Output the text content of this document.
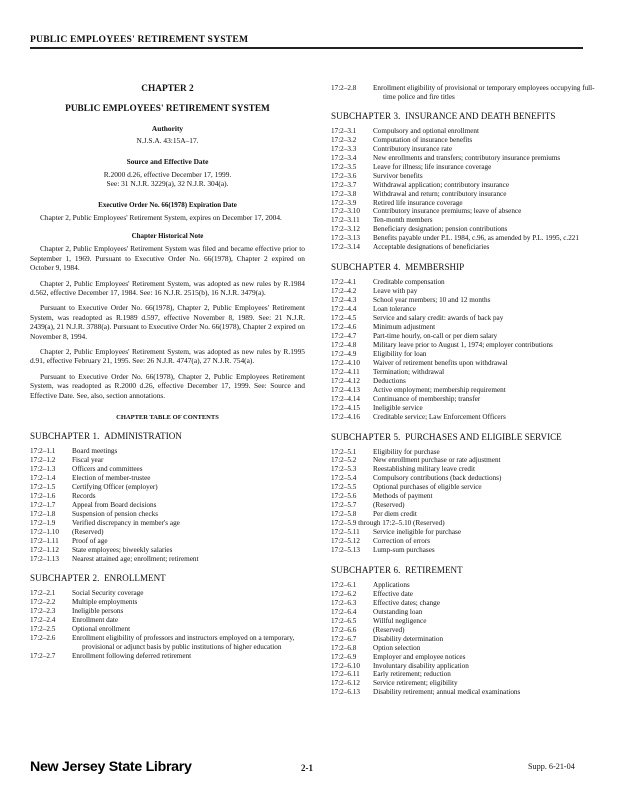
PUBLIC EMPLOYEES' RETIREMENT SYSTEM
CHAPTER 2
PUBLIC EMPLOYEES' RETIREMENT SYSTEM
Authority
N.J.S.A. 43:15A–17.
Source and Effective Date
R.2000 d.26, effective December 17, 1999.
See: 31 N.J.R. 3229(a), 32 N.J.R. 304(a).
Executive Order No. 66(1978) Expiration Date

Chapter 2, Public Employees' Retirement System, expires on December 17, 2004.

Chapter Historical Note

Chapter 2, Public Employees' Retirement System was filed and became effective prior to September 1, 1969. Pursuant to Executive Order No. 66(1978), Chapter 2 expired on October 9, 1984.

Chapter 2, Public Employees' Retirement System, was adopted as new rules by R.1984 d.562, effective December 17, 1984. See: 16 N.J.R. 2515(b), 16 N.J.R. 3479(a).

Pursuant to Executive Order No. 66(1978), Chapter 2, Public Employees' Retirement System, was readopted as R.1989 d.597, effective November 8, 1989. See: 21 N.J.R. 2439(a), 21 N.J.R. 3788(a). Pursuant to Executive Order No. 66(1978), Chapter 2 expired on November 8, 1994.

Chapter 2, Public Employees' Retirement System, was adopted as new rules by R.1995 d.91, effective February 21, 1995. See: 26 N.J.R. 4747(a), 27 N.J.R. 754(a).

Pursuant to Executive Order No. 66(1978), Chapter 2, Public Employees Retirement System, was readopted as R.2000 d.26, effective December 17, 1999. See: Source and Effective Date. See, also, section annotations.

CHAPTER TABLE OF CONTENTS
SUBCHAPTER 1. ADMINISTRATION
17:2–1.1	Board meetings
17:2–1.2	Fiscal year
17:2–1.3	Officers and committees
17:2–1.4	Election of member-trustee
17:2–1.5	Certifying Officer (employer)
17:2–1.6	Records
17:2–1.7	Appeal from Board decisions
17:2–1.8	Suspension of pension checks
17:2–1.9	Verified discrepancy in member's age
17:2–1.10	(Reserved)
17:2–1.11	Proof of age
17:2–1.12	State employees; biweekly salaries
17:2–1.13	Nearest attained age; enrollment; retirement
SUBCHAPTER 2. ENROLLMENT
17:2–2.1	Social Security coverage
17:2–2.2	Multiple employments
17:2–2.3	Ineligible persons
17:2–2.4	Enrollment date
17:2–2.5	Optional enrollment
17:2–2.6	Enrollment eligibility of professors and instructors employed on a temporary, provisional or adjunct basis by public institutions of higher education
17:2–2.7	Enrollment following deferred retirement
17:2–2.8	Enrollment eligibility of provisional or temporary employees occupying full-time police and fire titles
SUBCHAPTER 3. INSURANCE AND DEATH BENEFITS
17:2–3.1	Compulsory and optional enrollment
17:2–3.2	Computation of insurance benefits
17:2–3.3	Contributory insurance rate
17:2–3.4	New enrollments and transfers; contributory insurance premiums
17:2–3.5	Leave for illness; life insurance coverage
17:2–3.6	Survivor benefits
17:2–3.7	Withdrawal application; contributory insurance
17:2–3.8	Withdrawal and return; contributory insurance
17:2–3.9	Retired life insurance coverage
17:2–3.10	Contributory insurance premiums; leave of absence
17:2–3.11	Ten-month members
17:2–3.12	Beneficiary designation; pension contributions
17:2–3.13	Benefits payable under P.L. 1984, c.96, as amended by P.L. 1995, c.221
17:2–3.14	Acceptable designations of beneficiaries
SUBCHAPTER 4. MEMBERSHIP
17:2–4.1	Creditable compensation
17:2–4.2	Leave with pay
17:2–4.3	School year members; 10 and 12 months
17:2–4.4	Loan tolerance
17:2–4.5	Service and salary credit: awards of back pay
17:2–4.6	Minimum adjustment
17:2–4.7	Part-time hourly, on-call or per diem salary
17:2–4.8	Military leave prior to August 1, 1974; employer contributions
17:2–4.9	Eligibility for loan
17:2–4.10	Waiver of retirement benefits upon withdrawal
17:2–4.11	Termination; withdrawal
17:2–4.12	Deductions
17:2–4.13	Active employment; membership requirement
17:2–4.14	Continuance of membership; transfer
17:2–4.15	Ineligible service
17:2–4.16	Creditable service; Law Enforcement Officers
SUBCHAPTER 5. PURCHASES AND ELIGIBLE SERVICE
17:2–5.1	Eligibility for purchase
17:2–5.2	New enrollment purchase or rate adjustment
17:2–5.3	Reestablishing military leave credit
17:2–5.4	Compulsory contributions (back deductions)
17:2–5.5	Optional purchases of eligible service
17:2–5.6	Methods of payment
17:2–5.7	(Reserved)
17:2–5.8	Per diem credit
17:2–5.9 through 17:2–5.10 (Reserved)
17:2–5.11	Service ineligible for purchase
17:2–5.12	Correction of errors
17:2–5.13	Lump-sum purchases
SUBCHAPTER 6. RETIREMENT
17:2–6.1	Applications
17:2–6.2	Effective date
17:2–6.3	Effective dates; change
17:2–6.4	Outstanding loan
17:2–6.5	Willful negligence
17:2–6.6	(Reserved)
17:2–6.7	Disability determination
17:2–6.8	Option selection
17:2–6.9	Employer and employee notices
17:2–6.10	Involuntary disability application
17:2–6.11	Early retirement; reduction
17:2–6.12	Service retirement; eligibility
17:2–6.13	Disability retirement; annual medical examinations
New Jersey State Library	2-1	Supp. 6-21-04
